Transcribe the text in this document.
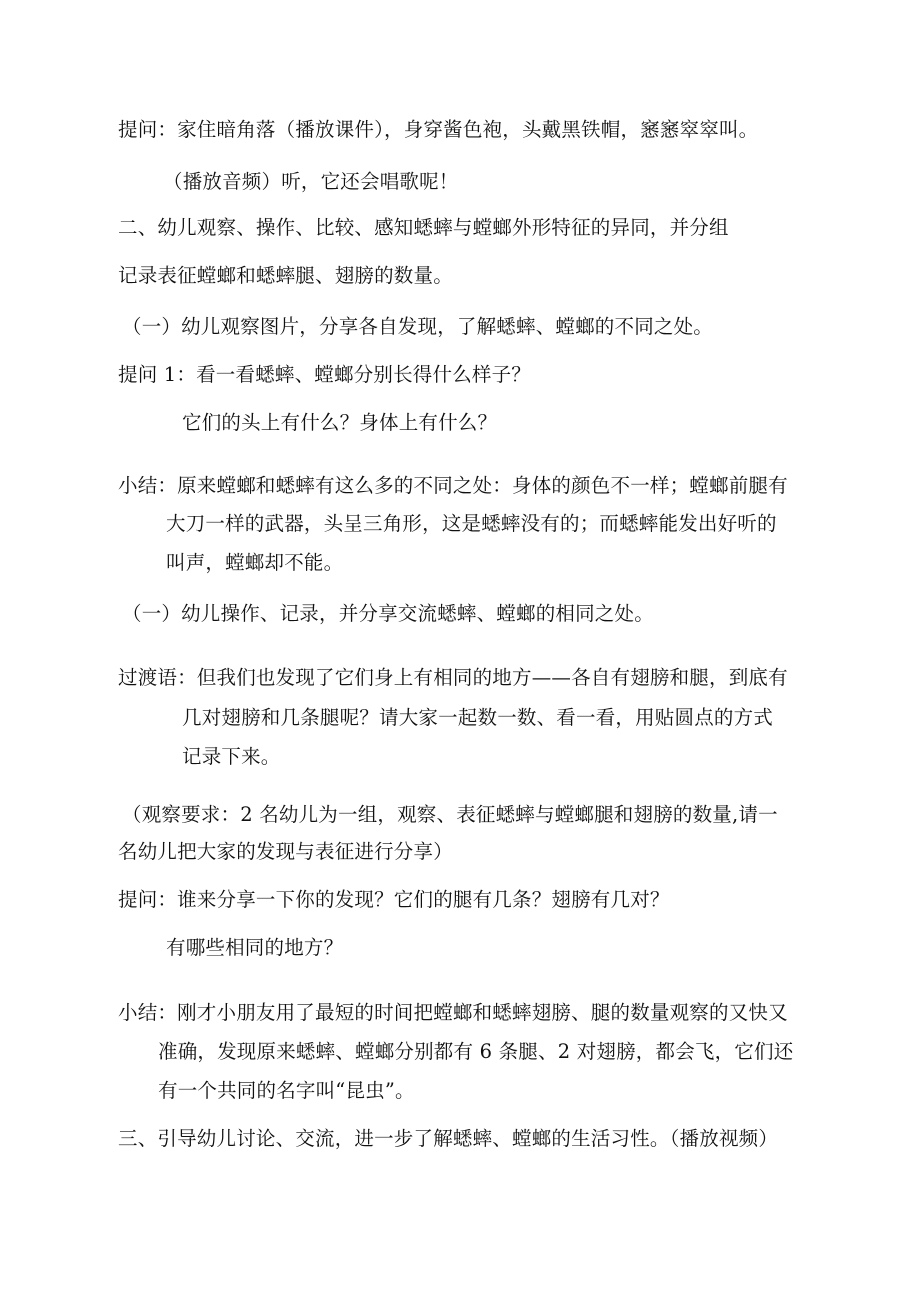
提问：家住暗角落（播放课件），身穿酱色袍，头戴黑铁帽，窸窸窣窣叫。
（播放音频）听，它还会唱歌呢！
二、幼儿观察、操作、比较、感知蟋蟀与螳螂外形特征的异同，并分组
记录表征螳螂和蟋蟀腿、翅膀的数量。
（一）幼儿观察图片，分享各自发现，了解蟋蟀、螳螂的不同之处。
提问 1：看一看蟋蟀、螳螂分别长得什么样子？
它们的头上有什么？身体上有什么？
小结：原来螳螂和蟋蟀有这么多的不同之处：身体的颜色不一样；螳螂前腿有
大刀一样的武器，头呈三角形，这是蟋蟀没有的；而蟋蟀能发出好听的
叫声，螳螂却不能。
（一）幼儿操作、记录，并分享交流蟋蟀、螳螂的相同之处。
过渡语：但我们也发现了它们身上有相同的地方——各自有翅膀和腿，到底有
几对翅膀和几条腿呢？请大家一起数一数、看一看，用贴圆点的方式
记录下来。
（观察要求：2 名幼儿为一组，观察、表征蟋蟀与螳螂腿和翅膀的数量,请一
名幼儿把大家的发现与表征进行分享）
提问：谁来分享一下你的发现？它们的腿有几条？翅膀有几对？
有哪些相同的地方？
小结：刚才小朋友用了最短的时间把螳螂和蟋蟀翅膀、腿的数量观察的又快又
准确，发现原来蟋蟀、螳螂分别都有 6 条腿、2 对翅膀，都会飞，它们还
有一个共同的名字叫“昆虫”。
三、引导幼儿讨论、交流，进一步了解蟋蟀、螳螂的生活习性。（播放视频）
